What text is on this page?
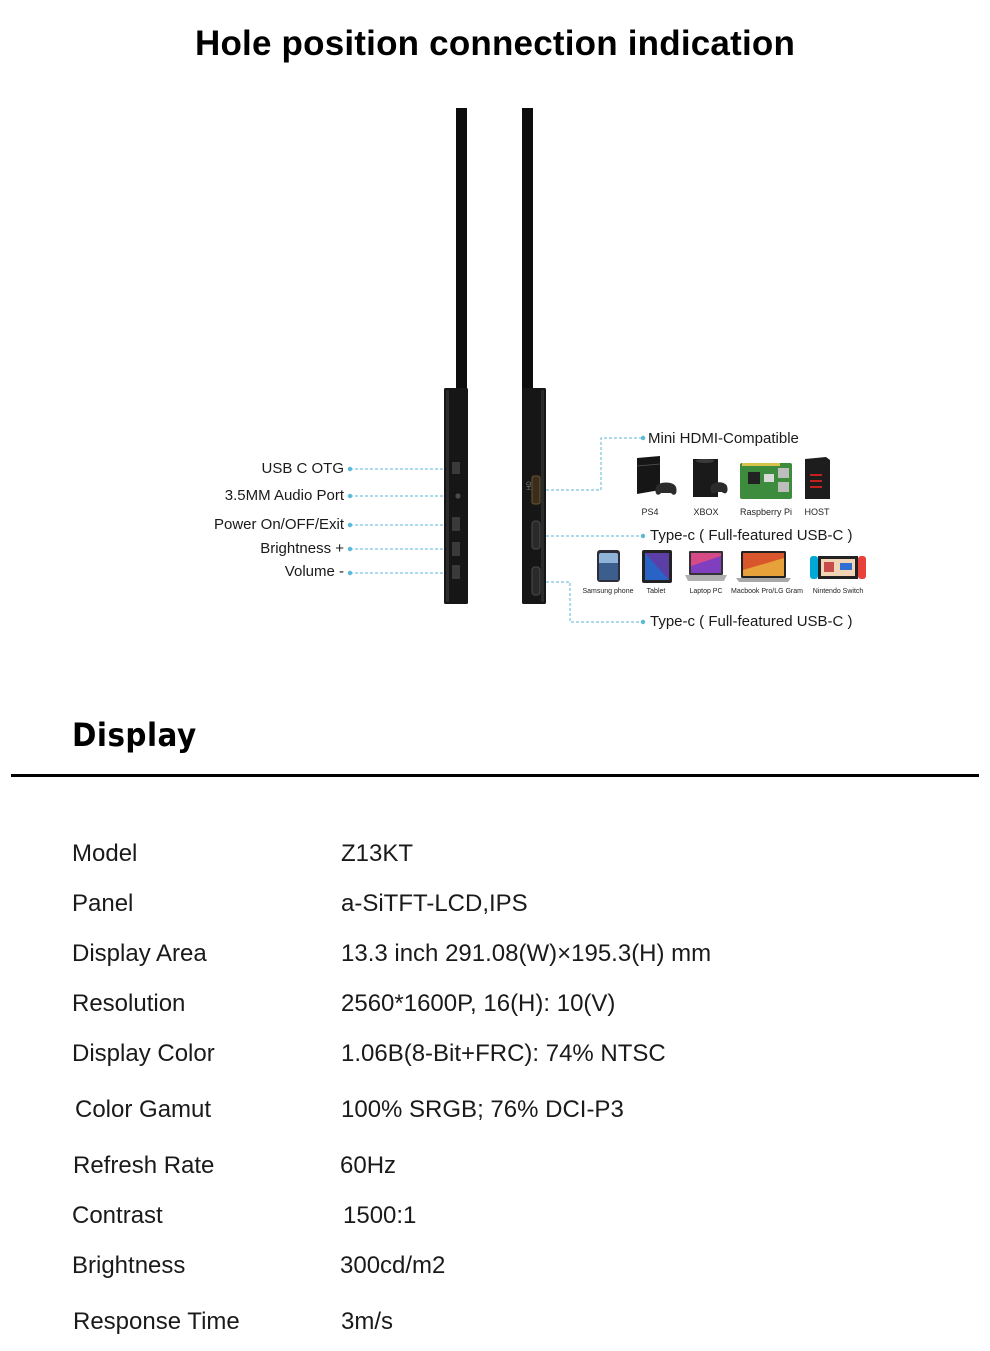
Hole position connection indication
HD
USB C OTG
3.5MM Audio Port
Power On/OFF/Exit
Brightness +
Volume -
Mini HDMI-Compatible
Type-c ( Full-featured USB-C )
Type-c ( Full-featured USB-C )
PS4	XBOX	Raspberry Pi	HOST
Samsung phone	Tablet	Laptop PC	Macbook Pro/LG Gram	Nintendo Switch
Display
Model	Z13KT
Panel	a-SiTFT-LCD,IPS
Display Area	13.3 inch 291.08(W)×195.3(H) mm
Resolution	2560*1600P, 16(H): 10(V)
Display Color	1.06B(8-Bit+FRC): 74% NTSC
Color Gamut	100% SRGB; 76% DCI-P3
Refresh Rate	60Hz
Contrast	1500:1
Brightness	300cd/m2
Response Time	3m/s
